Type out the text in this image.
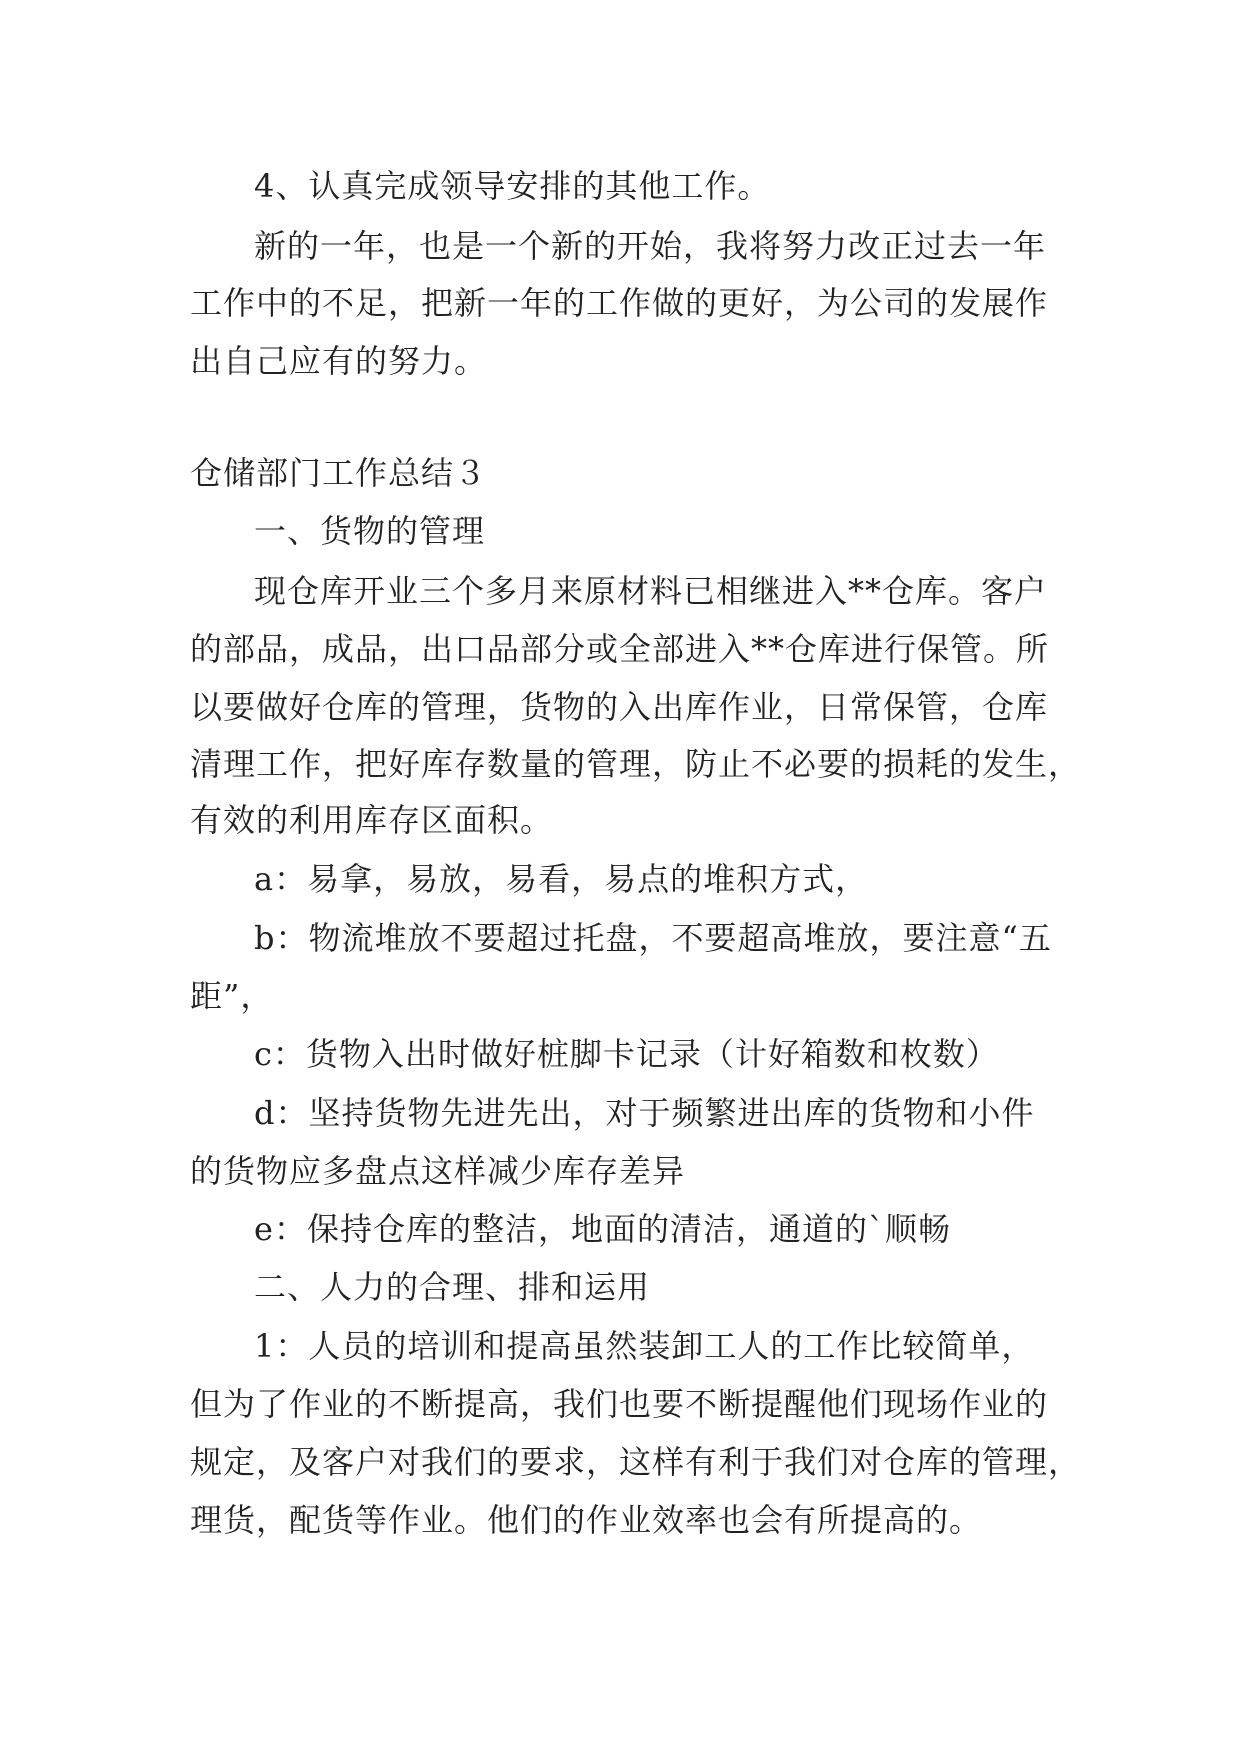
4、认真完成领导安排的其他工作。

新的一年，也是一个新的开始，我将努力改正过去一年

工作中的不足，把新一年的工作做的更好，为公司的发展作

出自己应有的努力。

仓储部门工作总结３

一、货物的管理

现仓库开业三个多月来原材料已相继进入**仓库。客户

的部品，成品，出口品部分或全部进入**仓库进行保管。所

以要做好仓库的管理，货物的入出库作业，日常保管，仓库

清理工作，把好库存数量的管理，防止不必要的损耗的发生，

有效的利用库存区面积。

a：易拿，易放，易看，易点的堆积方式，

b：物流堆放不要超过托盘，不要超高堆放，要注意“五

距”，

c：货物入出时做好桩脚卡记录（计好箱数和枚数）

d：坚持货物先进先出，对于频繁进出库的货物和小件

的货物应多盘点这样减少库存差异

e：保持仓库的整洁，地面的清洁，通道的`顺畅

二、人力的合理、排和运用

1：人员的培训和提高虽然装卸工人的工作比较简单，

但为了作业的不断提高，我们也要不断提醒他们现场作业的

规定，及客户对我们的要求，这样有利于我们对仓库的管理，

理货，配货等作业。他们的作业效率也会有所提高的。
